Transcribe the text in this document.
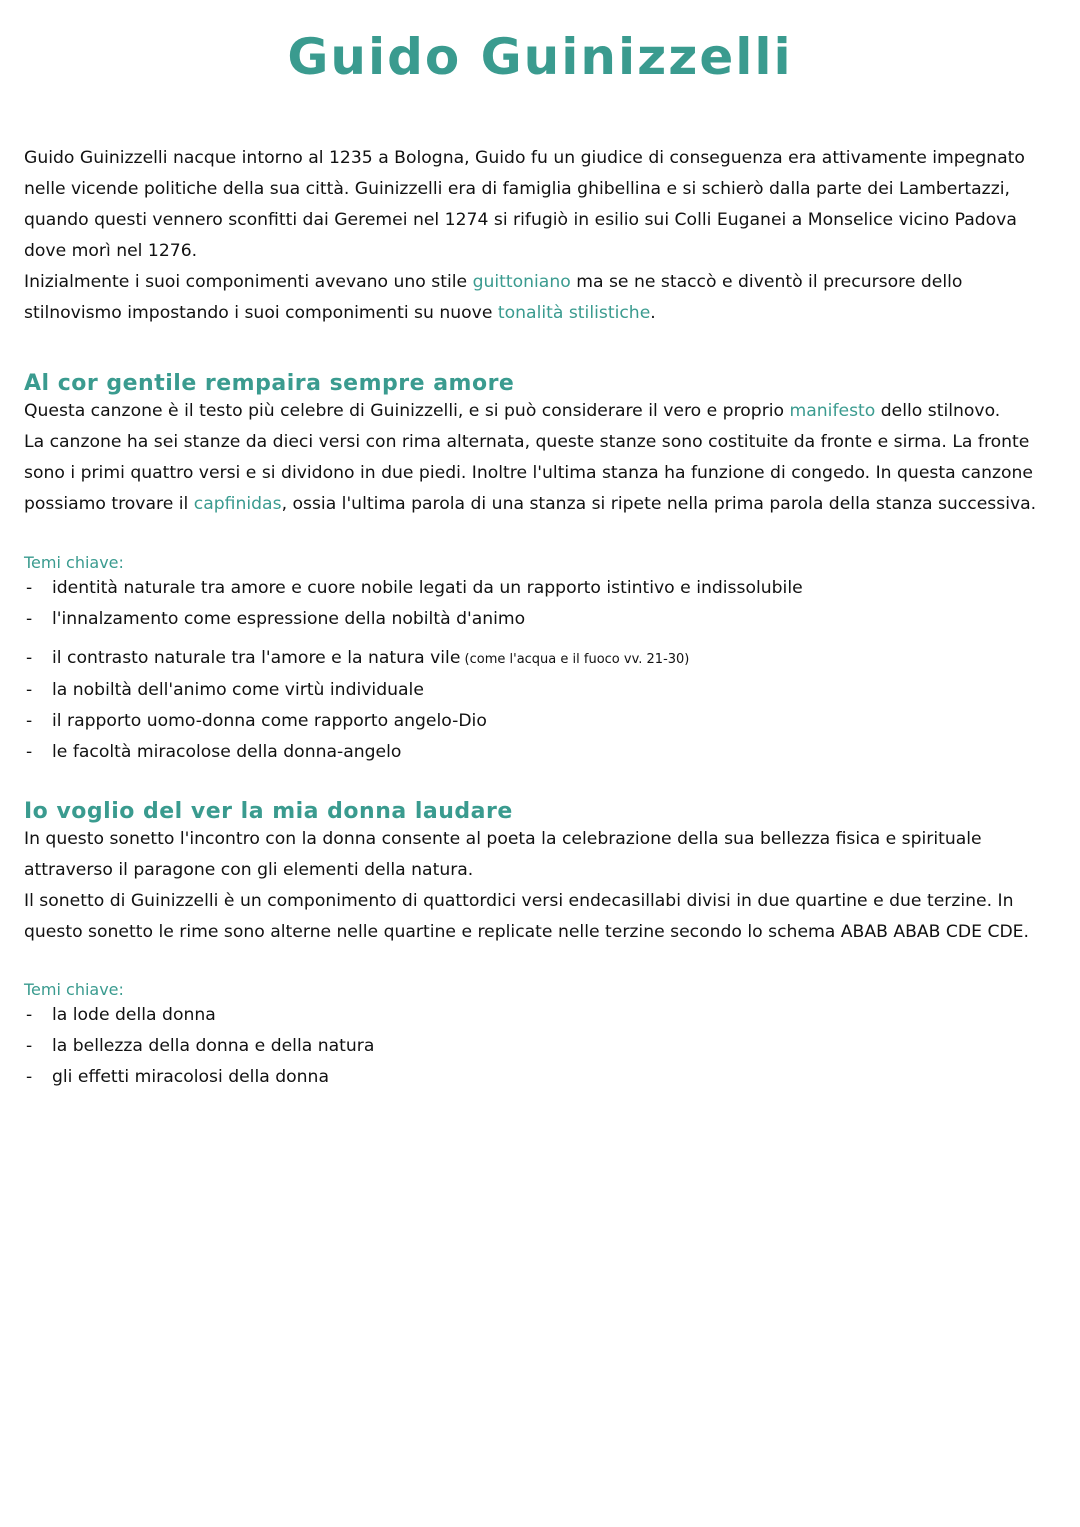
Guido Guinizzelli

Guido Guinizzelli nacque intorno al 1235 a Bologna, Guido fu un giudice di conseguenza era attivamente impegnato nelle vicende politiche della sua città. Guinizzelli era di famiglia ghibellina e si schierò dalla parte dei Lambertazzi, quando questi vennero sconfitti dai Geremei nel 1274 si rifugiò in esilio sui Colli Euganei a Monselice vicino Padova dove morì nel 1276.

Inizialmente i suoi componimenti avevano uno stile guittoniano ma se ne staccò e diventò il precursore dello stilnovismo impostando i suoi componimenti su nuove tonalità stilistiche.

Al cor gentile rempaira sempre amore

Questa canzone è il testo più celebre di Guinizzelli, e si può considerare il vero e proprio manifesto dello stilnovo.

La canzone ha sei stanze da dieci versi con rima alternata, queste stanze sono costituite da fronte e sirma. La fronte sono i primi quattro versi e si dividono in due piedi. Inoltre l'ultima stanza ha funzione di congedo. In questa canzone possiamo trovare il capfinidas, ossia l'ultima parola di una stanza si ripete nella prima parola della stanza successiva.

Temi chiave:

- identità naturale tra amore e cuore nobile legati da un rapporto istintivo e indissolubile
- l'innalzamento come espressione della nobiltà d'animo
- il contrasto naturale tra l'amore e la natura vile (come l'acqua e il fuoco vv. 21-30)
- la nobiltà dell'animo come virtù individuale
- il rapporto uomo-donna come rapporto angelo-Dio
- le facoltà miracolose della donna-angelo
Io voglio del ver la mia donna laudare

In questo sonetto l'incontro con la donna consente al poeta la celebrazione della sua bellezza fisica e spirituale attraverso il paragone con gli elementi della natura.

Il sonetto di Guinizzelli è un componimento di quattordici versi endecasillabi divisi in due quartine e due terzine. In questo sonetto le rime sono alterne nelle quartine e replicate nelle terzine secondo lo schema ABAB ABAB CDE CDE.

Temi chiave:

- la lode della donna
- la bellezza della donna e della natura
- gli effetti miracolosi della donna
